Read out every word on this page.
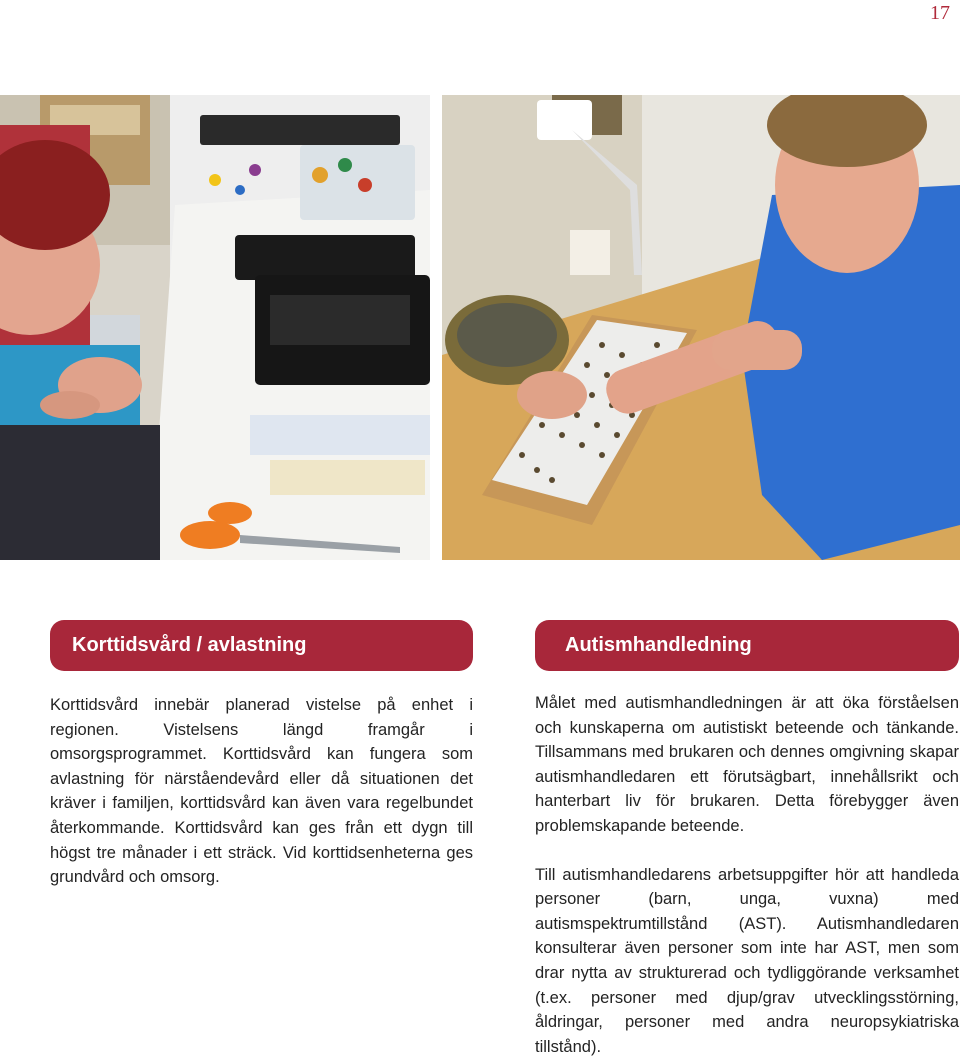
17
Korttidsvård / avlastning

Korttidsvård innebär planerad vistelse på enhet i regionen. Vistelsens längd framgår i omsorgsprogrammet. Korttidsvård kan fungera som avlastning för närståendevård eller då situationen det kräver i familjen, korttidsvård kan även vara regelbundet återkommande. Korttidsvård kan ges från ett dygn till högst tre månader i ett sträck. Vid korttidsenheterna ges grundvård och omsorg.

Autismhandledning

Målet med autismhandledningen är att öka förståelsen och kunskaperna om autistiskt beteende och tänkande. Tillsammans med brukaren och dennes omgivning skapar autismhandledaren ett förutsägbart, innehållsrikt och hanterbart liv för brukaren. Detta förebygger även problemskapande beteende.

Till autismhandledarens arbetsuppgifter hör att handleda personer (barn, unga, vuxna) med autismspektrumtillstånd (AST). Autismhandledaren konsulterar även personer som inte har AST, men som drar nytta av strukturerad och tydliggörande verksamhet (t.ex. personer med djup/grav utvecklingsstörning, åldringar, personer med andra neuropsykiatriska tillstånd).
